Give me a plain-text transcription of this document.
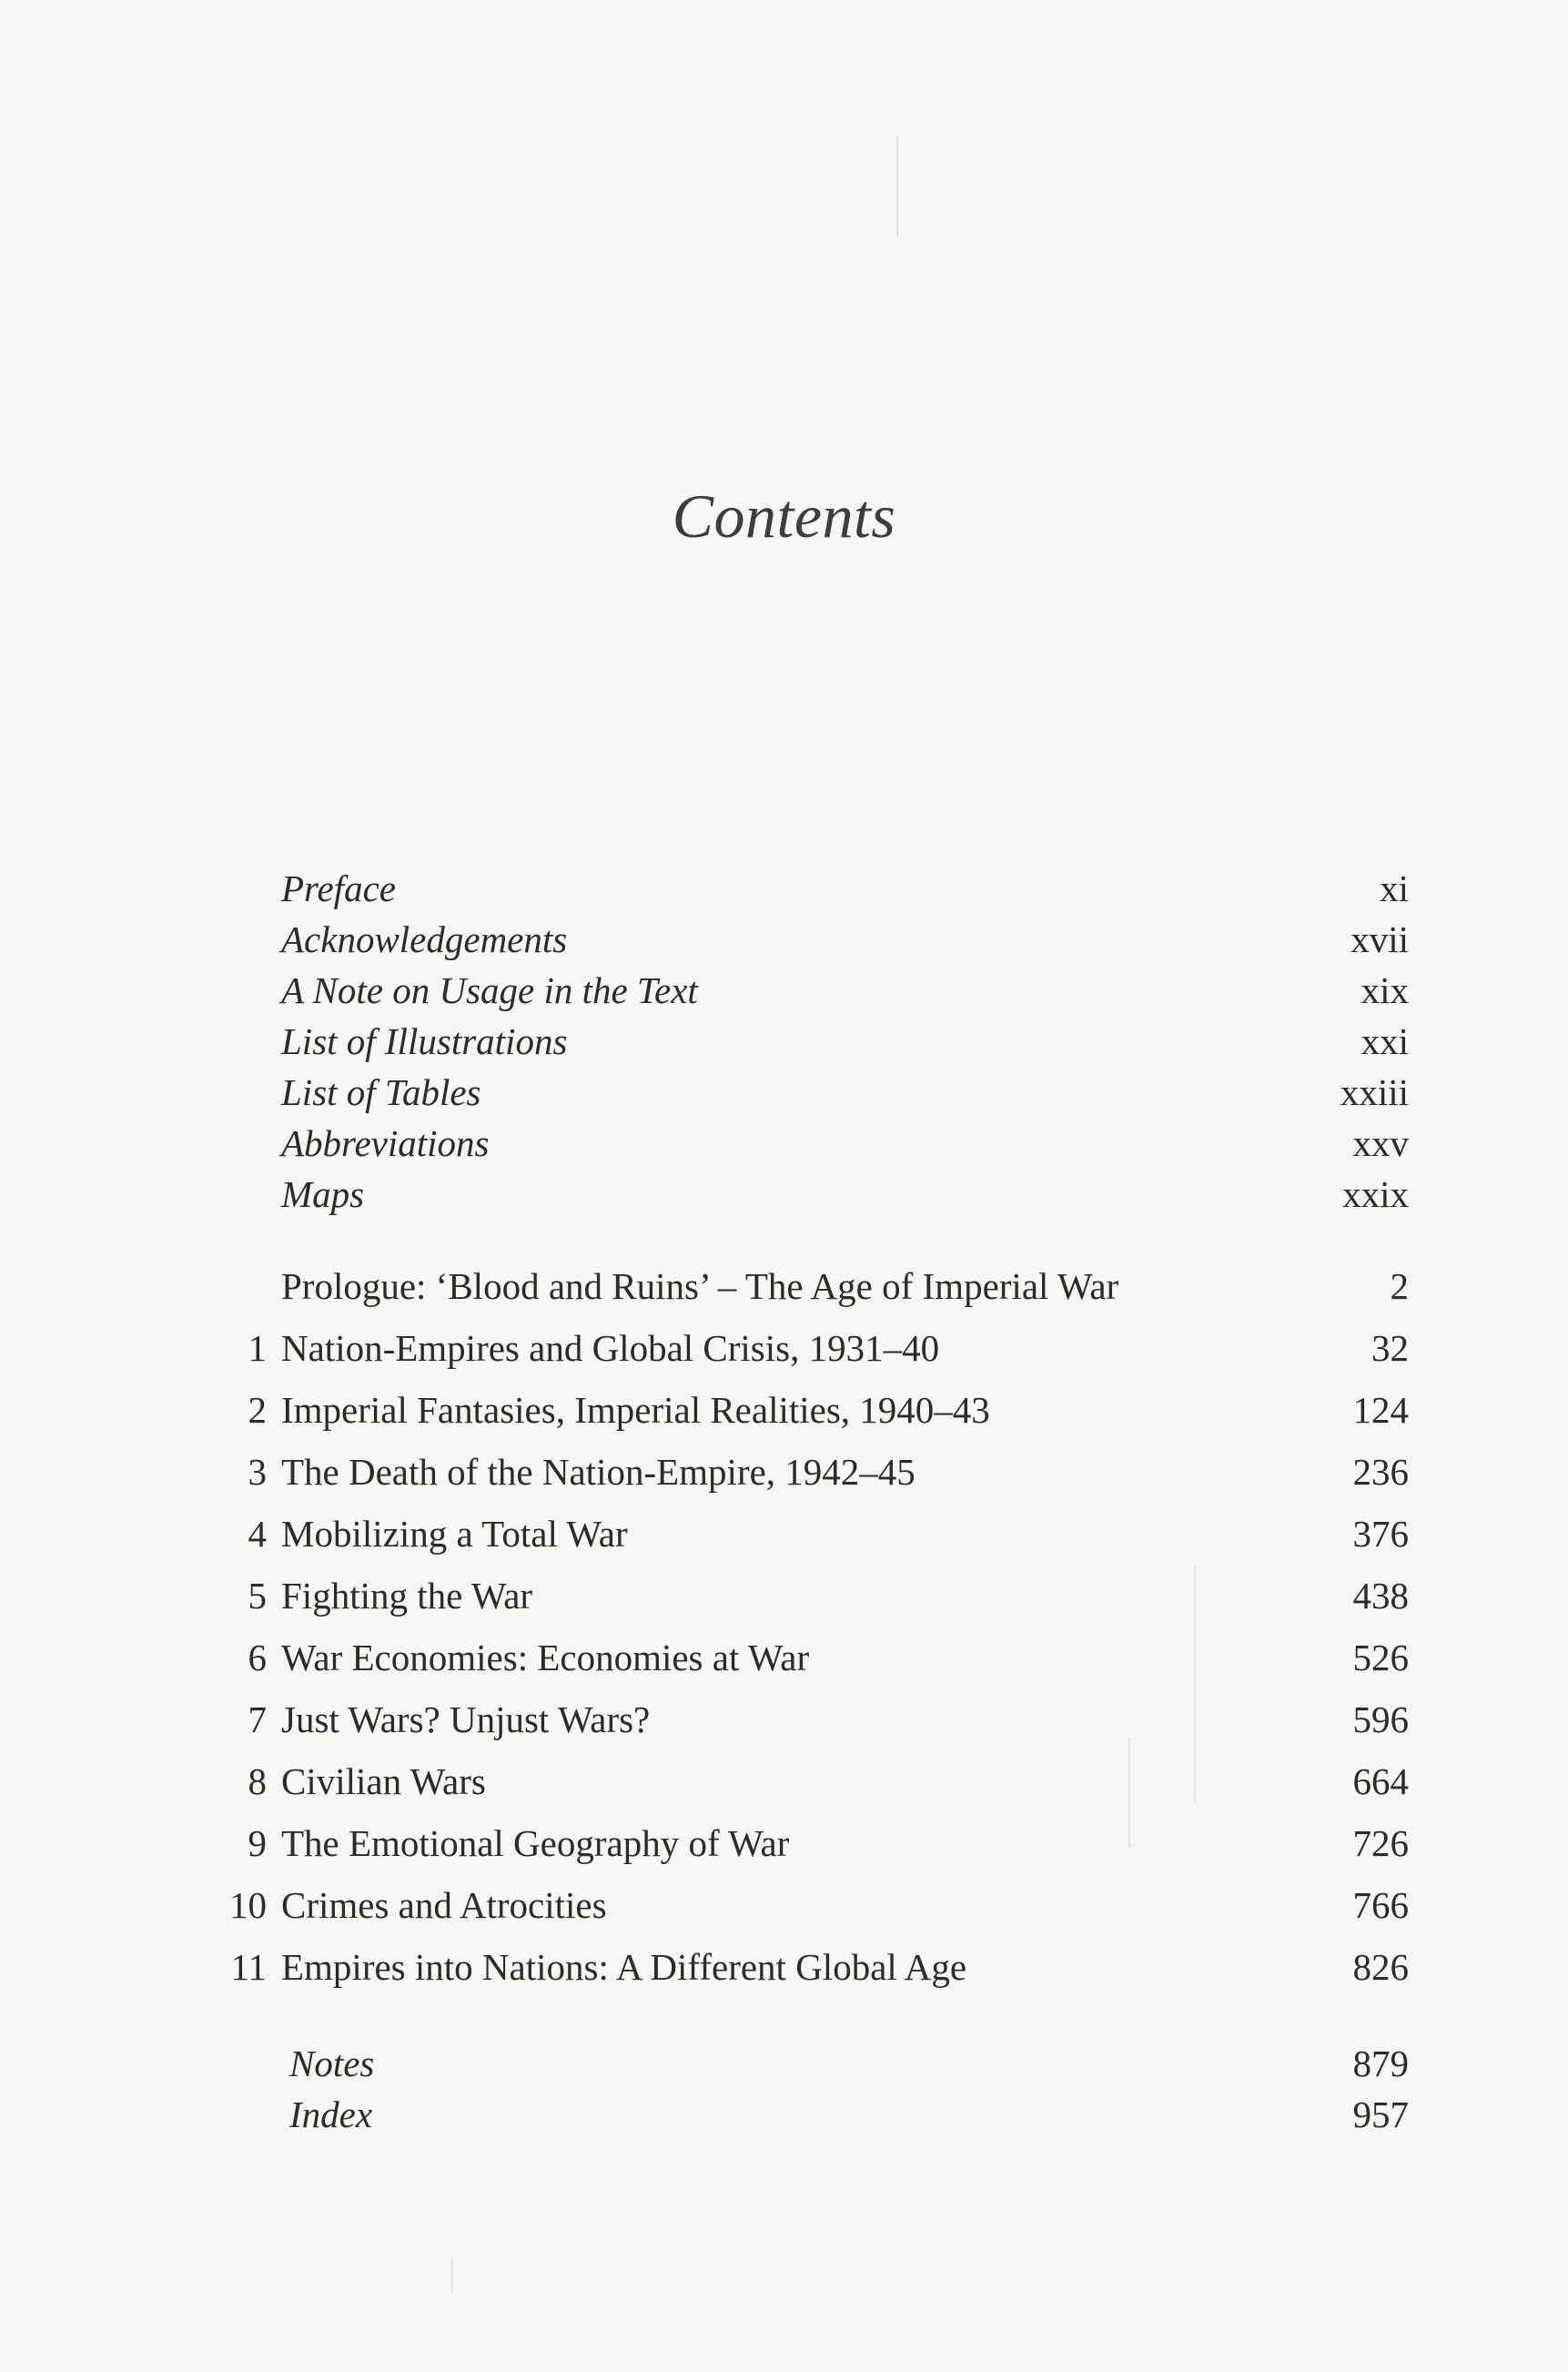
Contents
Preface	xi
Acknowledgements	xvii
A Note on Usage in the Text	xix
List of Illustrations	xxi
List of Tables	xxiii
Abbreviations	xxv
Maps	xxix
Prologue: ‘Blood and Ruins’ – The Age of Imperial War	2
1 Nation-Empires and Global Crisis, 1931–40	32
2 Imperial Fantasies, Imperial Realities, 1940–43	124
3 The Death of the Nation-Empire, 1942–45	236
4 Mobilizing a Total War	376
5 Fighting the War	438
6 War Economies: Economies at War	526
7 Just Wars? Unjust Wars?	596
8 Civilian Wars	664
9 The Emotional Geography of War	726
10 Crimes and Atrocities	766
11 Empires into Nations: A Different Global Age	826
Notes	879
Index	957
